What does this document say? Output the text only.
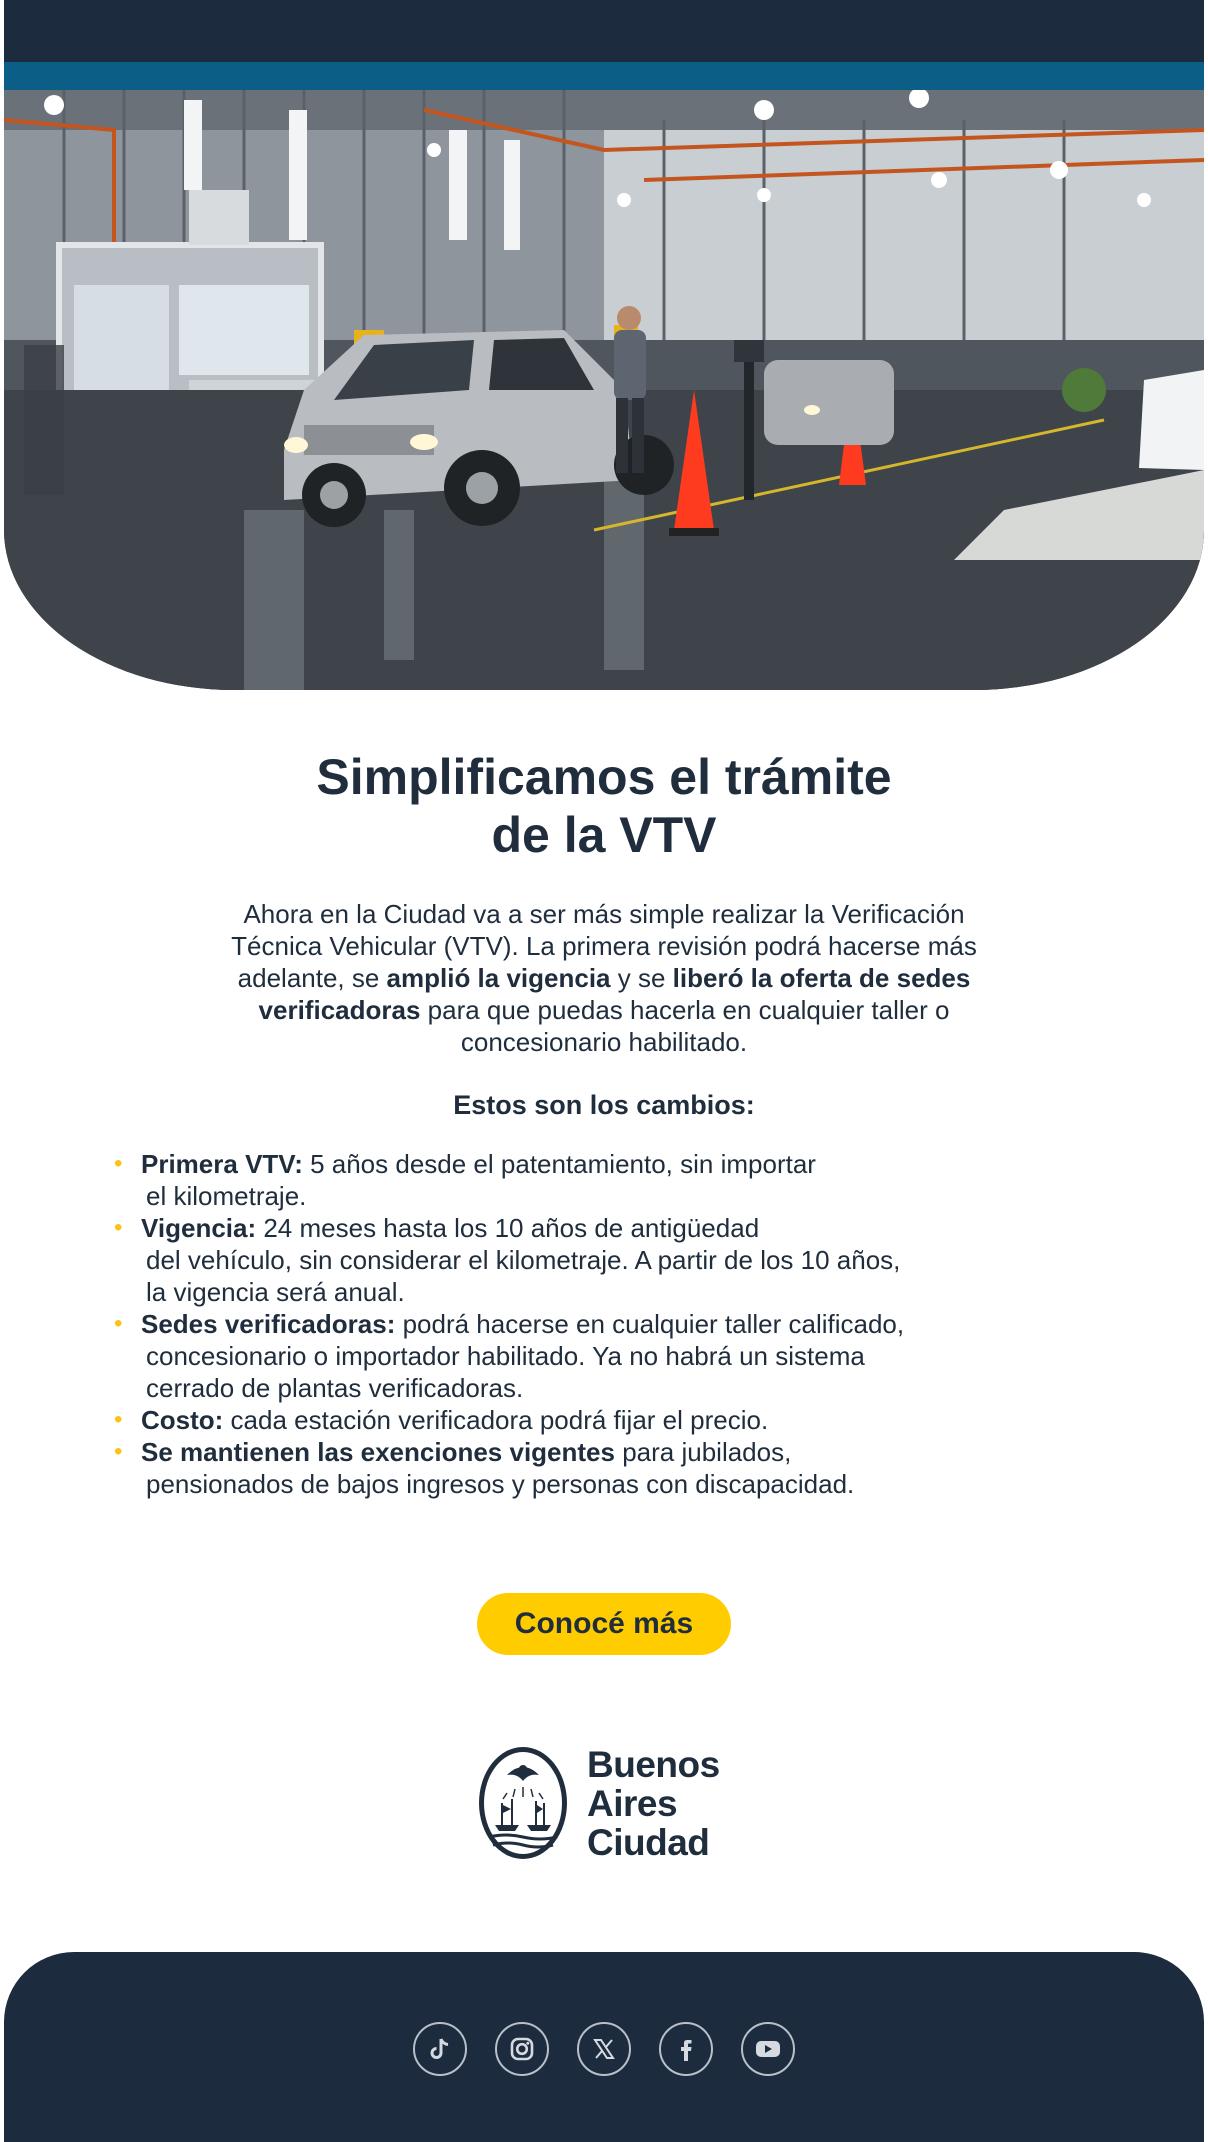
Simplificamos el trámite
de la VTV

Ahora en la Ciudad va a ser más simple realizar la Verificación Técnica Vehicular (VTV). La primera revisión podrá hacerse más adelante, se amplió la vigencia y se liberó la oferta de sedes verificadoras para que puedas hacerla en cualquier taller o concesionario habilitado.

Estos son los cambios:
• Primera VTV: 5 años desde el patentamiento, sin importar
el kilometraje.
• Vigencia: 24 meses hasta los 10 años de antigüedad
del vehículo, sin considerar el kilometraje. A partir de los 10 años,
la vigencia será anual.
• Sedes verificadoras: podrá hacerse en cualquier taller calificado,
concesionario o importador habilitado. Ya no habrá un sistema
cerrado de plantas verificadoras.
• Costo: cada estación verificadora podrá fijar el precio.
• Se mantienen las exenciones vigentes para jubilados,
pensionados de bajos ingresos y personas con discapacidad.
Conocé más
Buenos
Aires
Ciudad
